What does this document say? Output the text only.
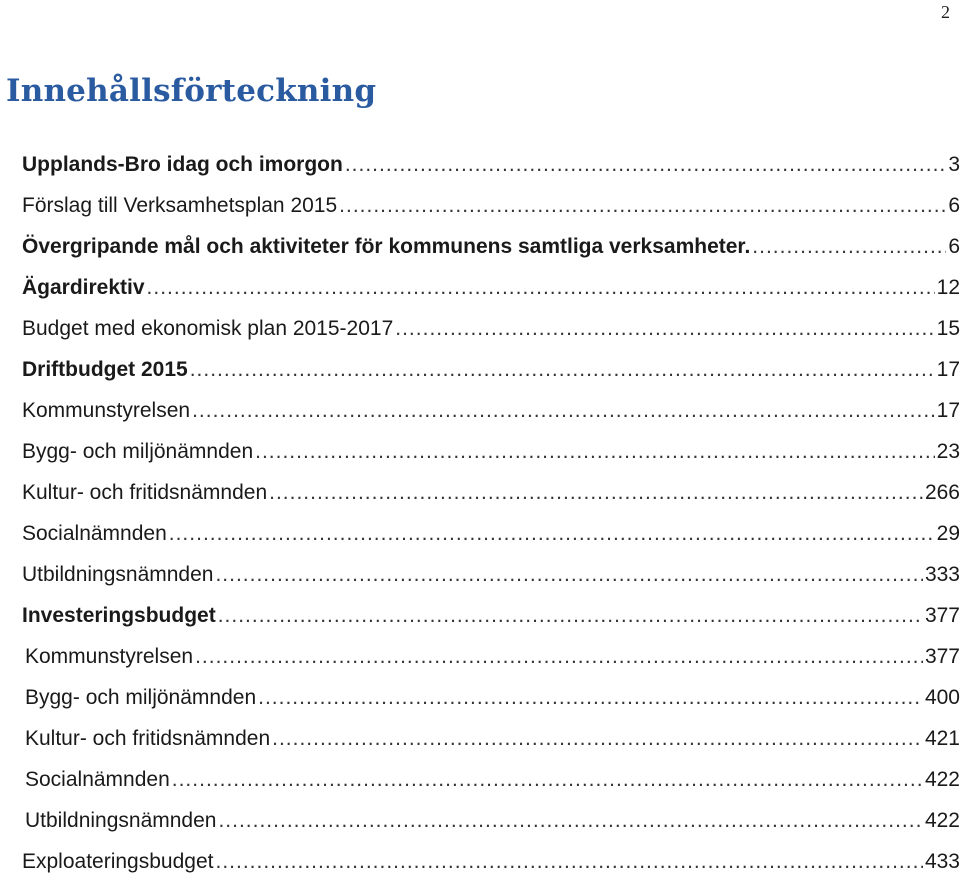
2
Innehållsförteckning
Upplands-Bro idag och imorgon .....	3
Förslag till Verksamhetsplan 2015 .....	6
Övergripande mål och aktiviteter för kommunens samtliga verksamheter. .....	6
Ägardirektiv .....	12
Budget med ekonomisk plan 2015-2017 .....	15
Driftbudget 2015 .....	17
Kommunstyrelsen .....	17
Bygg- och miljönämnden .....	23
Kultur- och fritidsnämnden .....	266
Socialnämnden .....	29
Utbildningsnämnden .....	333
Investeringsbudget .....	377
Kommunstyrelsen .....	377
Bygg- och miljönämnden .....	400
Kultur- och fritidsnämnden .....	421
Socialnämnden .....	422
Utbildningsnämnden .....	422
Exploateringsbudget .....	433
